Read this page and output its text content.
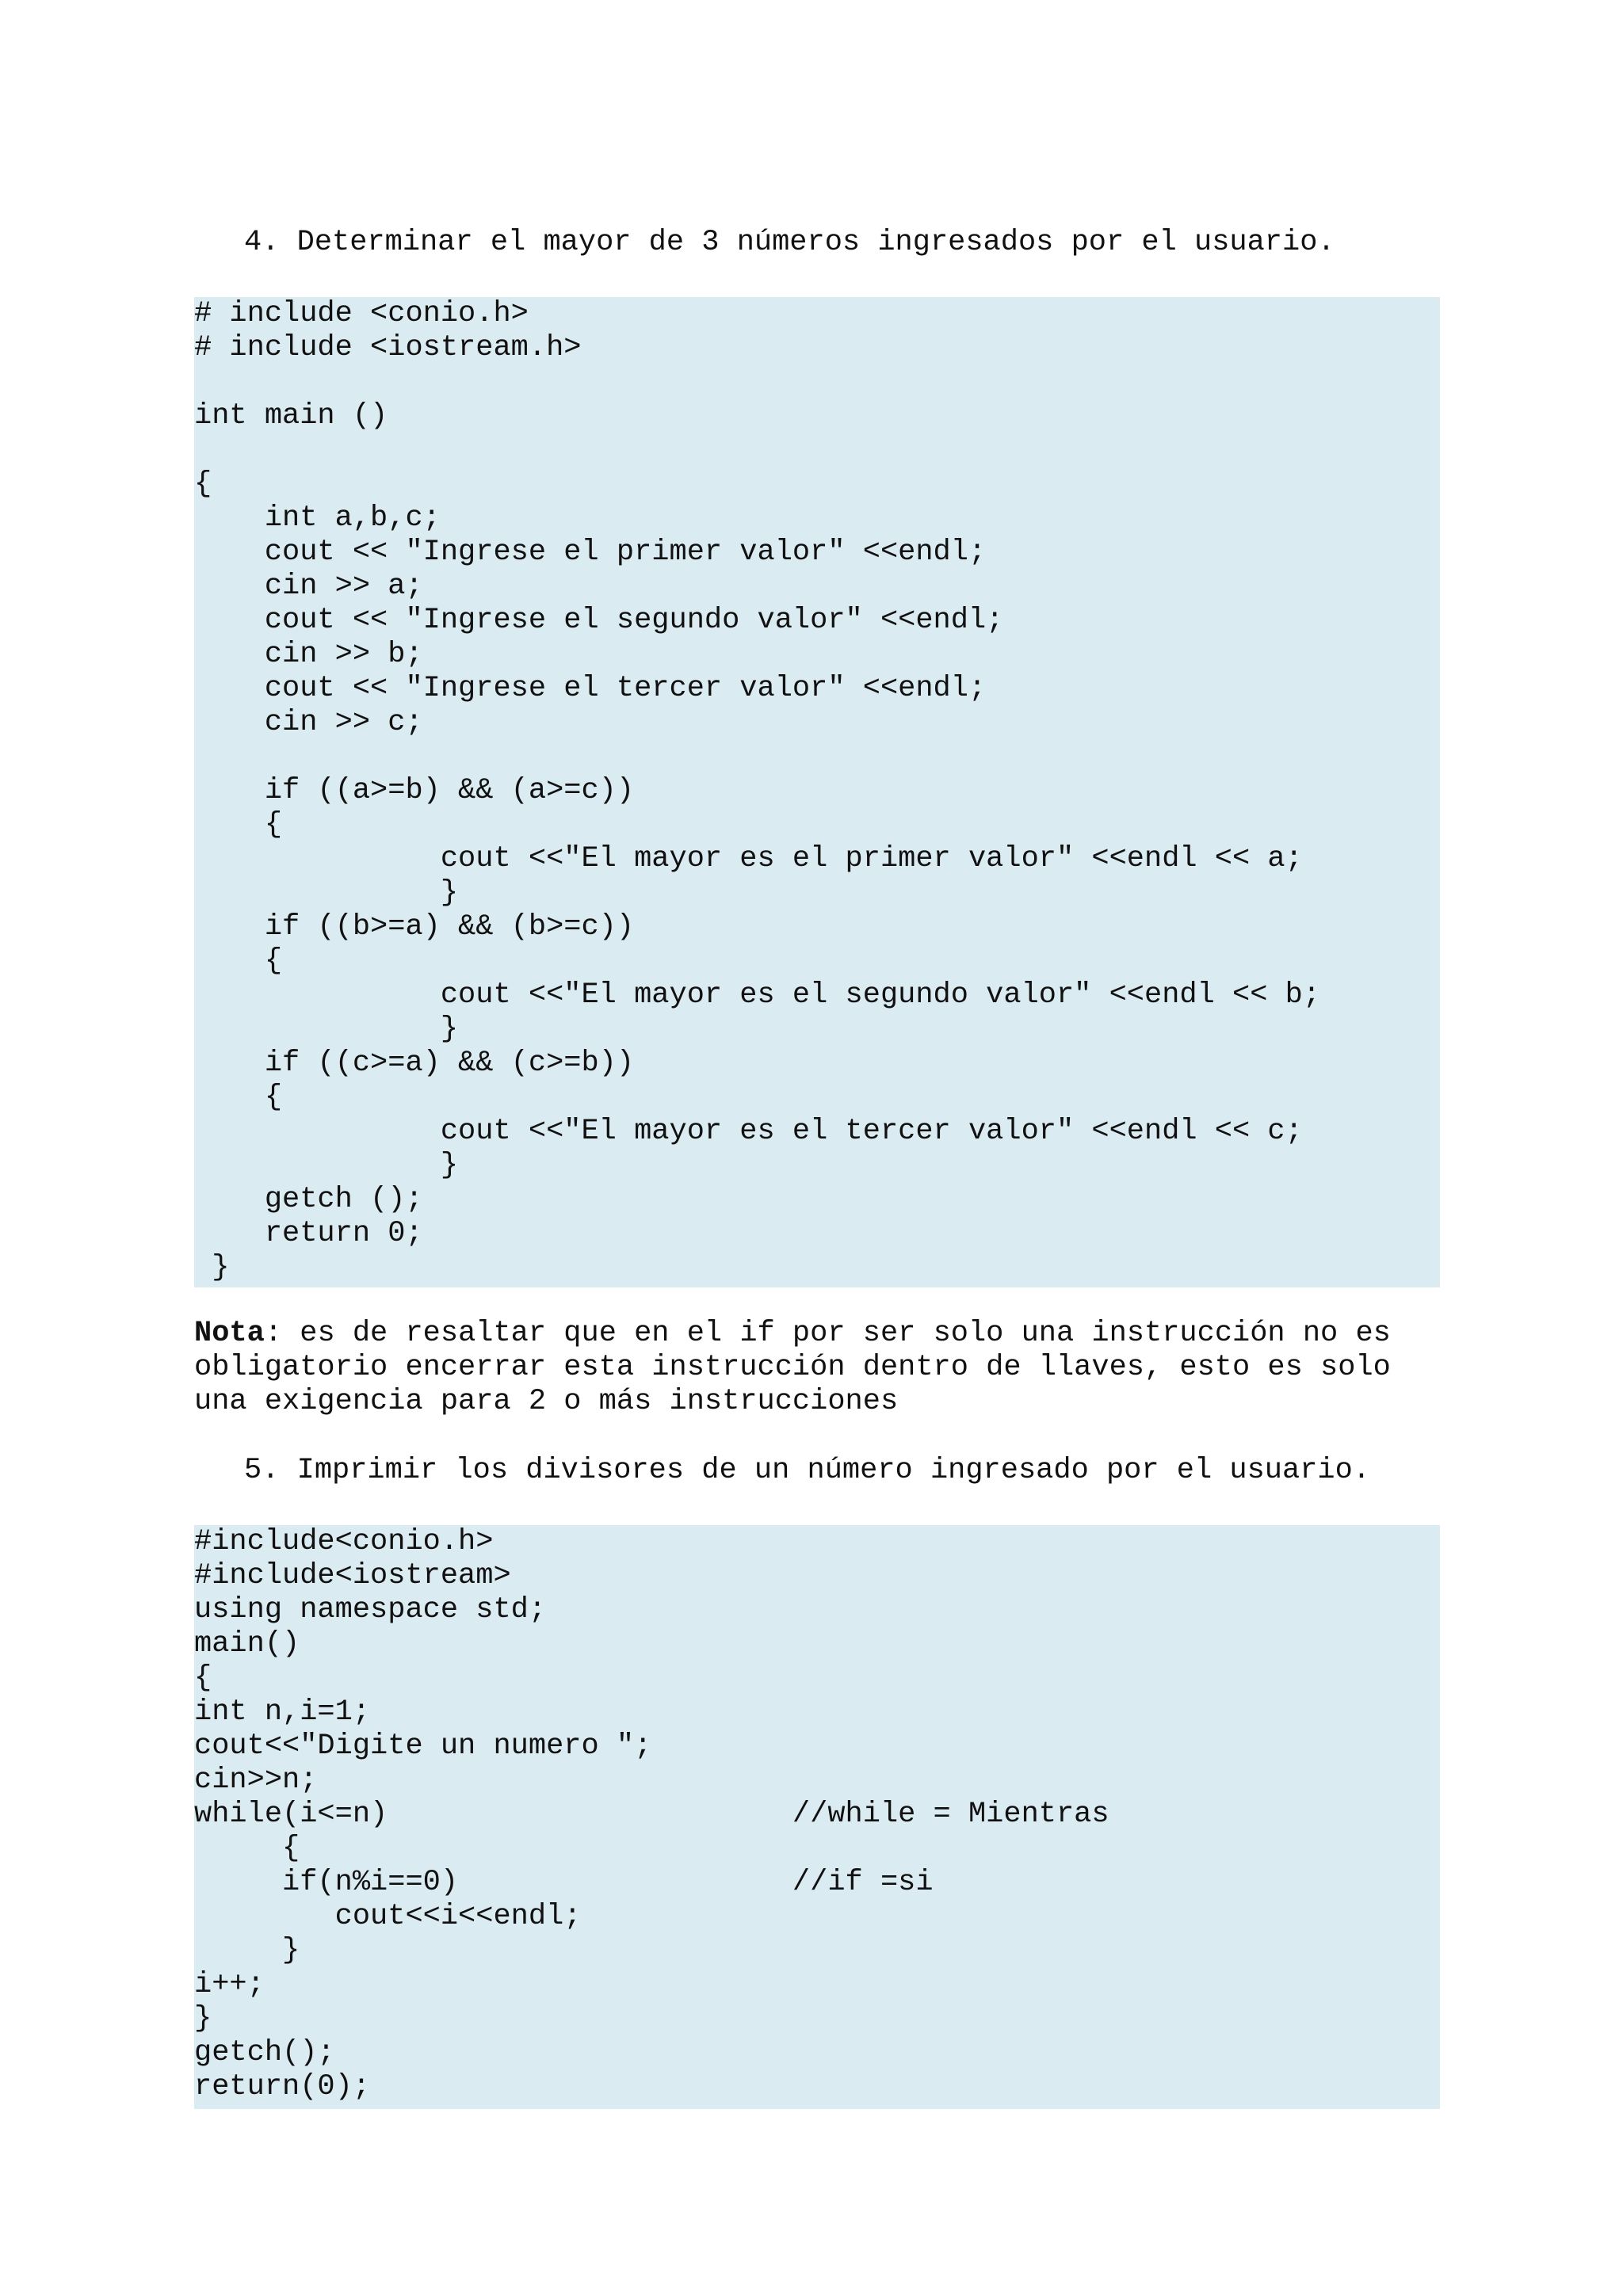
4. Determinar el mayor de 3 números ingresados por el usuario.

# include <conio.h>
# include <iostream.h>

int main ()

{
int a,b,c;
cout << "Ingrese el primer valor" <<endl;
cin >> a;
cout << "Ingrese el segundo valor" <<endl;
cin >> b;
cout << "Ingrese el tercer valor" <<endl;
cin >> c;

if ((a>=b) && (a>=c))
{
cout <<"El mayor es el primer valor" <<endl << a;
}
if ((b>=a) && (b>=c))
{
cout <<"El mayor es el segundo valor" <<endl << b;
}
if ((c>=a) && (c>=b))
{
cout <<"El mayor es el tercer valor" <<endl << c;
}
getch ();
return 0;
}
Nota: es de resaltar que en el if por ser solo una instrucción no es
obligatorio encerrar esta instrucción dentro de llaves, esto es solo
una exigencia para 2 o más instrucciones

5. Imprimir los divisores de un número ingresado por el usuario.

#include<conio.h>
#include<iostream>
using namespace std;
main()
{
int n,i=1;
cout<<"Digite un numero ";
cin>>n;
while(i<=n)                       //while = Mientras
{
if(n%i==0)                   //if =si
cout<<i<<endl;
}
i++;
}
getch();
return(0);
